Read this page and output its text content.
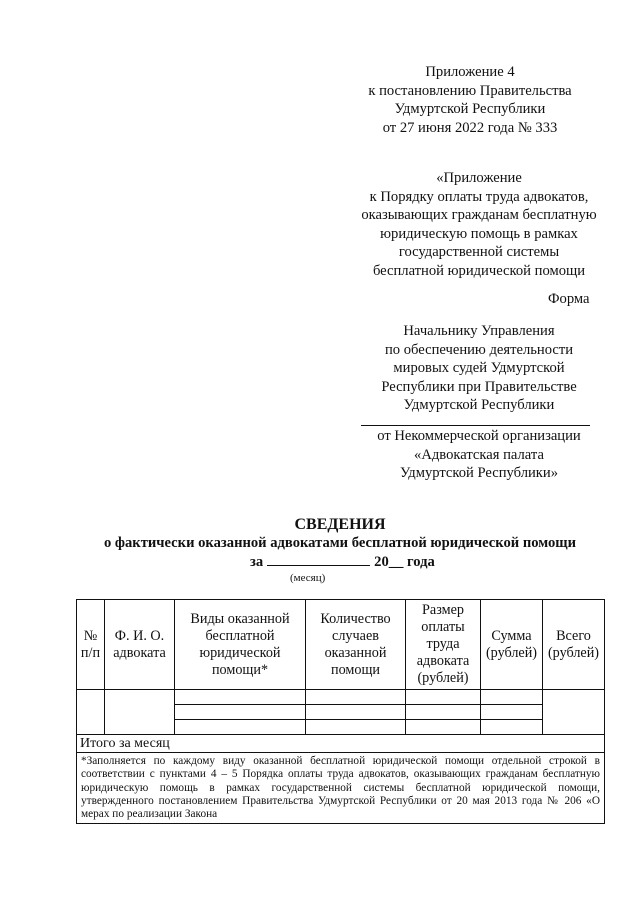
Приложение 4
к постановлению Правительства
Удмуртской Республики
от 27 июня 2022 года № 333
«Приложение
к Порядку оплаты труда адвокатов,
оказывающих гражданам бесплатную
юридическую помощь в рамках
государственной системы
бесплатной юридической помощи
Форма
Начальнику Управления
по обеспечению деятельности
мировых судей Удмуртской
Республики при Правительстве
Удмуртской Республики
от Некоммерческой организации
«Адвокатская палата
Удмуртской Республики»
СВЕДЕНИЯ
о фактически оказанной адвокатами бесплатной юридической помощи
за	20__ года
(месяц)
№ п/п	Ф. И. О. адвоката	Виды оказанной бесплатной юридической помощи*	Количество случаев оказанной помощи	Размер оплаты труда адвоката (рублей)	Сумма (рублей)	Всего (рублей)

Итого за месяц						
*Заполняется по каждому виду оказанной бесплатной юридической помощи отдельной строкой в соответствии с пунктами 4 – 5 Порядка оплаты труда адвокатов, оказывающих гражданам бесплатную юридическую помощь в рамках государственной системы бесплатной юридической помощи, утвержденного постановлением Правительства Удмуртской Республики от 20 мая 2013 года № 206 «О мерах по реализации Закона						
